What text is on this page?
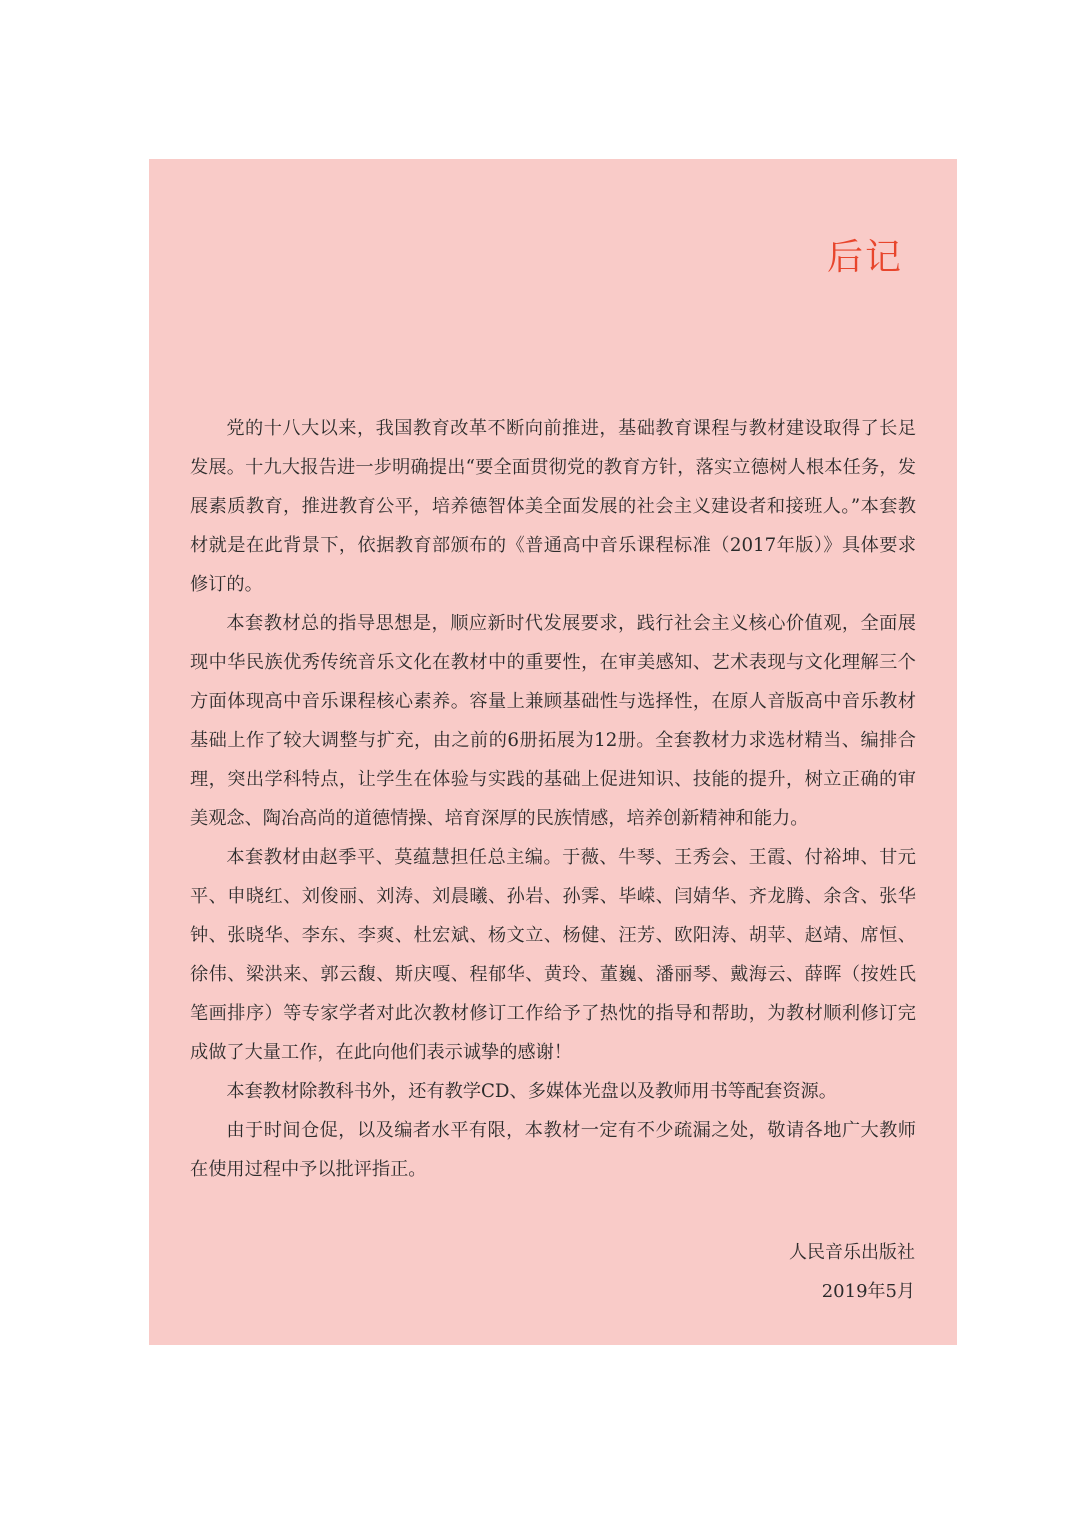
后记

党的十八大以来，我国教育改革不断向前推进，基础教育课程与教材建设取得了长足发展。十九大报告进一步明确提出“要全面贯彻党的教育方针，落实立德树人根本任务，发展素质教育，推进教育公平，培养德智体美全面发展的社会主义建设者和接班人。”本套教材就是在此背景下，依据教育部颁布的《普通高中音乐课程标准（2017年版）》具体要求修订的。

本套教材总的指导思想是，顺应新时代发展要求，践行社会主义核心价值观，全面展现中华民族优秀传统音乐文化在教材中的重要性，在审美感知、艺术表现与文化理解三个方面体现高中音乐课程核心素养。容量上兼顾基础性与选择性，在原人音版高中音乐教材基础上作了较大调整与扩充，由之前的6册拓展为12册。全套教材力求选材精当、编排合理，突出学科特点，让学生在体验与实践的基础上促进知识、技能的提升，树立正确的审美观念、陶冶高尚的道德情操、培育深厚的民族情感，培养创新精神和能力。

本套教材由赵季平、莫蕴慧担任总主编。于薇、牛琴、王秀会、王霞、付裕坤、甘元平、申晓红、刘俊丽、刘涛、刘晨曦、孙岩、孙霁、毕嵘、闫婧华、齐龙腾、余含、张华钟、张晓华、李东、李爽、杜宏斌、杨文立、杨健、汪芳、欧阳涛、胡苹、赵靖、席恒、徐伟、梁洪来、郭云馥、斯庆嘎、程郁华、黄玲、董巍、潘丽琴、戴海云、薛晖（按姓氏笔画排序）等专家学者对此次教材修订工作给予了热忱的指导和帮助，为教材顺利修订完成做了大量工作，在此向他们表示诚挚的感谢！

本套教材除教科书外，还有教学CD、多媒体光盘以及教师用书等配套资源。

由于时间仓促，以及编者水平有限，本教材一定有不少疏漏之处，敬请各地广大教师在使用过程中予以批评指正。

人民音乐出版社
2019年5月
